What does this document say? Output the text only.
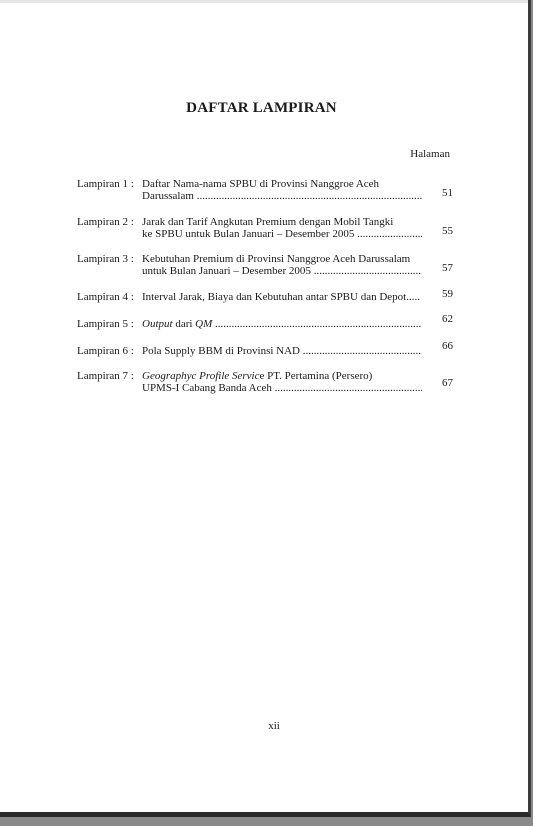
DAFTAR LAMPIRAN
Halaman
Lampiran 1 : Daftar Nama-nama SPBU di Provinsi Nanggroe Aceh
Darussalam .....	51
Lampiran 2 : Jarak dan Tarif Angkutan Premium dengan Mobil Tangki
ke SPBU untuk Bulan Januari – Desember 2005 .....	55
Lampiran 3 : Kebutuhan Premium di Provinsi Nanggroe Aceh Darussalam
untuk Bulan Januari – Desember 2005 .....	57
Lampiran 4 : Interval Jarak, Biaya dan Kebutuhan antar SPBU dan Depot.....	59
Lampiran 5 : Output dari QM .....	62
Lampiran 6 : Pola Supply BBM di Provinsi NAD .....	66
Lampiran 7 : Geographyc Profile Service PT. Pertamina (Persero)
UPMS-I Cabang Banda Aceh .....	67
xii
